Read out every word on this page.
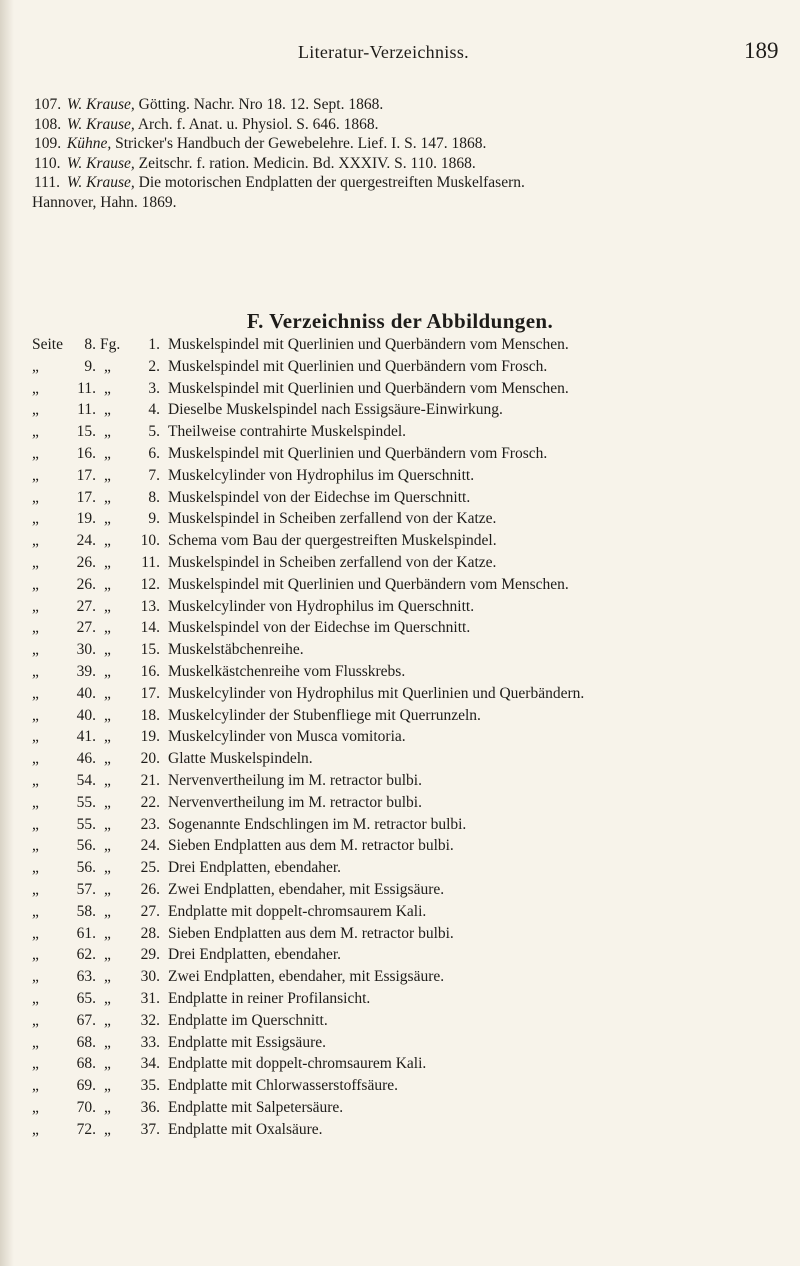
Literatur-Verzeichniss.	189
107. W. Krause, Götting. Nachr. Nro 18. 12. Sept. 1868.
108. W. Krause, Arch. f. Anat. u. Physiol. S. 646. 1868.
109. Kühne, Stricker's Handbuch der Gewebelehre. Lief. I. S. 147. 1868.
110. W. Krause, Zeitschr. f. ration. Medicin. Bd. XXXIV. S. 110. 1868.
111. W. Krause, Die motorischen Endplatten der quergestreiften Muskelfasern.
Hannover, Hahn. 1869.
F. Verzeichniss der Abbildungen.
Seite	8. Fg.	1. Muskelspindel mit Querlinien und Querbändern vom Menschen.
„	9. „	2. Muskelspindel mit Querlinien und Querbändern vom Frosch.
„	11. „	3. Muskelspindel mit Querlinien und Querbändern vom Menschen.
„	11. „	4. Dieselbe Muskelspindel nach Essigsäure-Einwirkung.
„	15. „	5. Theilweise contrahirte Muskelspindel.
„	16. „	6. Muskelspindel mit Querlinien und Querbändern vom Frosch.
„	17. „	7. Muskelcylinder von Hydrophilus im Querschnitt.
„	17. „	8. Muskelspindel von der Eidechse im Querschnitt.
„	19. „	9. Muskelspindel in Scheiben zerfallend von der Katze.
„	24. „	10. Schema vom Bau der quergestreiften Muskelspindel.
„	26. „	11. Muskelspindel in Scheiben zerfallend von der Katze.
„	26. „	12. Muskelspindel mit Querlinien und Querbändern vom Menschen.
„	27. „	13. Muskelcylinder von Hydrophilus im Querschnitt.
„	27. „	14. Muskelspindel von der Eidechse im Querschnitt.
„	30. „	15. Muskelstäbchenreihe.
„	39. „	16. Muskelkästchenreihe vom Flusskrebs.
„	40. „	17. Muskelcylinder von Hydrophilus mit Querlinien und Querbändern.
„	40. „	18. Muskelcylinder der Stubenfliege mit Querrunzeln.
„	41. „	19. Muskelcylinder von Musca vomitoria.
„	46. „	20. Glatte Muskelspindeln.
„	54. „	21. Nervenvertheilung im M. retractor bulbi.
„	55. „	22. Nervenvertheilung im M. retractor bulbi.
„	55. „	23. Sogenannte Endschlingen im M. retractor bulbi.
„	56. „	24. Sieben Endplatten aus dem M. retractor bulbi.
„	56. „	25. Drei Endplatten, ebendaher.
„	57. „	26. Zwei Endplatten, ebendaher, mit Essigsäure.
„	58. „	27. Endplatte mit doppelt-chromsaurem Kali.
„	61. „	28. Sieben Endplatten aus dem M. retractor bulbi.
„	62. „	29. Drei Endplatten, ebendaher.
„	63. „	30. Zwei Endplatten, ebendaher, mit Essigsäure.
„	65. „	31. Endplatte in reiner Profilansicht.
„	67. „	32. Endplatte im Querschnitt.
„	68. „	33. Endplatte mit Essigsäure.
„	68. „	34. Endplatte mit doppelt-chromsaurem Kali.
„	69. „	35. Endplatte mit Chlorwasserstoffsäure.
„	70. „	36. Endplatte mit Salpetersäure.
„	72. „	37. Endplatte mit Oxalsäure.
